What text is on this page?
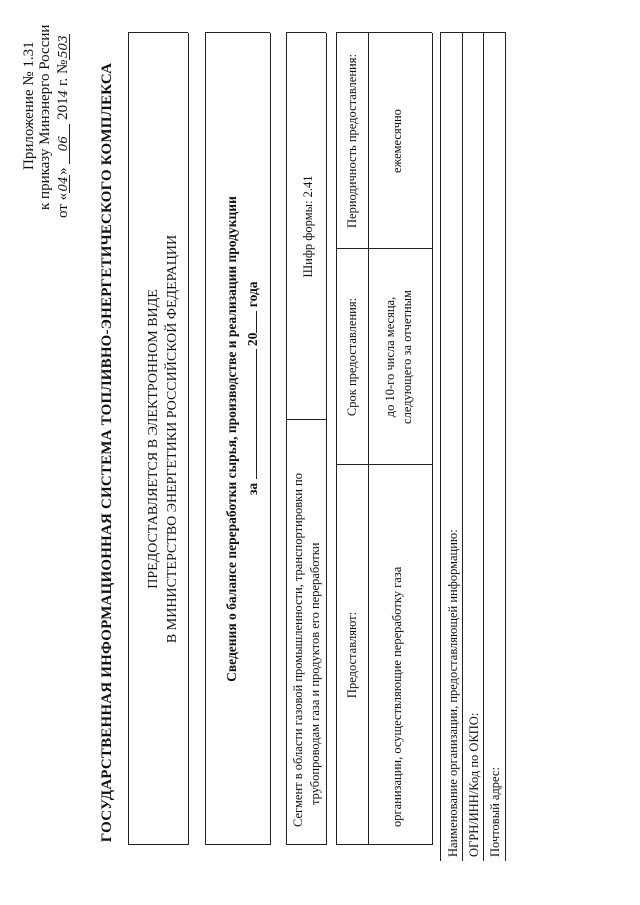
Приложение № 1.31 к приказу Минэнерго России от «04» 06 2014 г. №503
ГОСУДАРСТВЕННАЯ ИНФОРМАЦИОННАЯ СИСТЕМА ТОПЛИВНО-ЭНЕРГЕТИЧЕСКОГО КОМПЛЕКСА ПРЕДОСТАВЛЯЕТСЯ В ЭЛЕКТРОННОМ ВИДЕ В МИНИСТЕРСТВО ЭНЕРГЕТИКИ РОССИЙСКОЙ ФЕДЕРАЦИИ	Сведения о балансе переработки сырья, производстве и реализации продукции за  20 года
Сегмент в области газовой промышленности, транспортировки по трубопроводам газа и продуктов его переработки
Шифр формы: 2.41
Предоставляют:
Срок предоставления:
Периодичность предоставления:
организации, осуществляющие переработку газа
до 10-го числа месяца, следующего за отчетным
ежемесячно
Наименование организации, предоставляющей информацию: ОГРН/ИНН/Код по ОКПО: Почтовый адрес:
